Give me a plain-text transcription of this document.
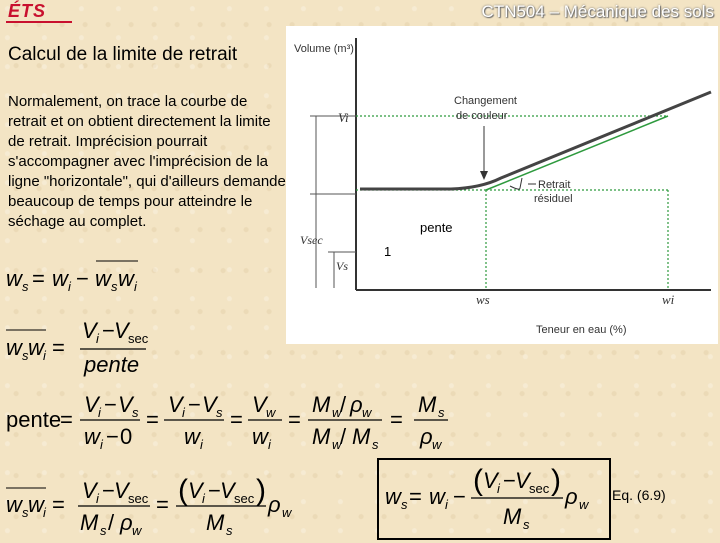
ÉTS	CTN504 – Mécanique des sols
Calcul de la limite de retrait
Normalement, on trace la courbe de retrait et on obtient directement la limite de retrait. Imprécision pourrait s'accompagner avec l'imprécision de la ligne "horizontale", qui d'ailleurs demande beaucoup de temps pour atteindre le séchage au complet.
Volume (m³)
Teneur en eau (%)
Vi
Vsec
Vs
ws	wi
Changement
de couleur
Retrait
résiduel
pente
1
w s = w i − w s w i
w s w i =
V i − V sec
pente
pente
=
V i − V s
w i − 0
=
V i − V s
w i
=
V w
w i
=
M w
/ ρ w
M w
/ M s
=
M s
ρ w
w s w i =
V i − V sec
M s / ρ w
= ( V i − V sec ) ρ w
M s
w s = w i − ( V i − V sec ) ρ w
M s
Eq. (6.9)
